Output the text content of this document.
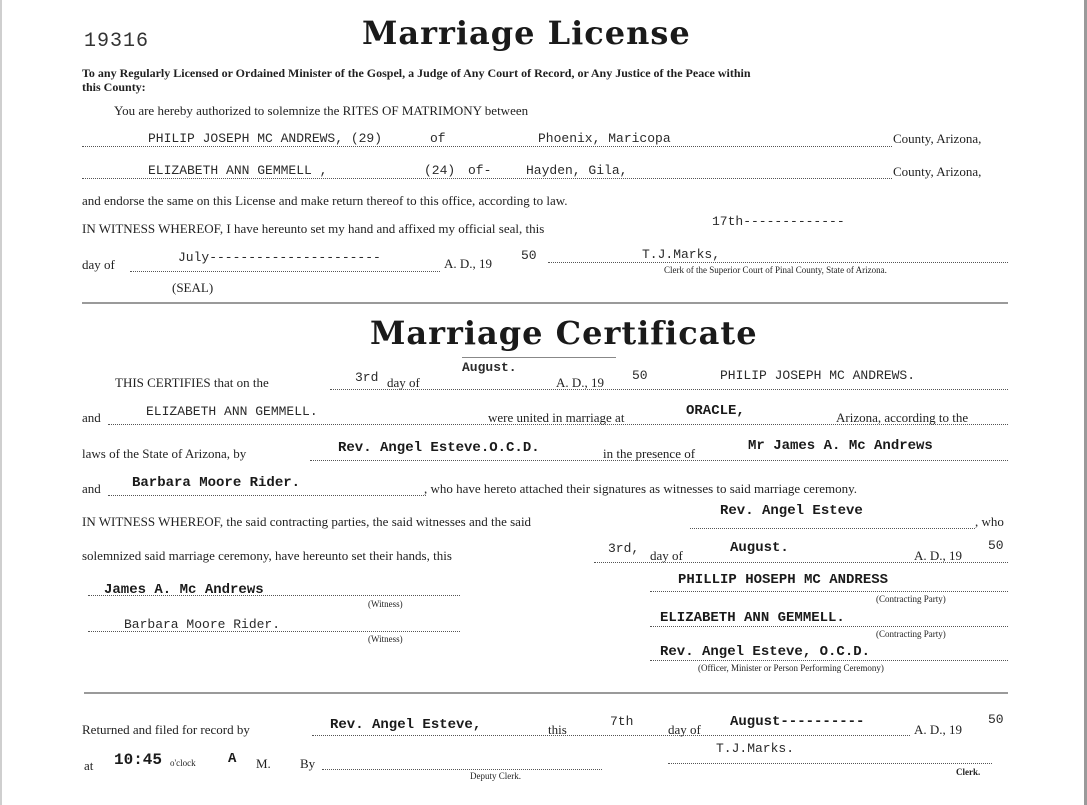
19316	Marriage License
To any Regularly Licensed or Ordained Minister of the Gospel, a Judge of Any Court of Record, or Any Justice of the Peace within
this County:
You are hereby authorized to solemnize the RITES OF MATRIMONY between
PHILIP JOSEPH MC ANDREWS, (29)	of	Phoenix, Maricopa	County, Arizona,
ELIZABETH ANN GEMMELL ,	(24) of-	Hayden, Gila,	County, Arizona,
and endorse the same on this License and make return thereof to this office, according to law.
IN WITNESS WHEREOF, I have hereunto set my hand and affixed my official seal, this	17th-------------
day of	July----------------------	A. D., 19
50	T.J.Marks,
Clerk of the Superior Court of Pinal County, State of Arizona.
(SEAL)
Marriage Certificate
THIS CERTIFIES that on the	3rd day of
August.
A. D., 19 50	PHILIP JOSEPH MC ANDREWS.
and	ELIZABETH ANN GEMMELL.	were united in marriage at	ORACLE,	Arizona, according to the
laws of the State of Arizona, by	Rev. Angel Esteve.O.C.D.	in the presence of	Mr James A. Mc Andrews
and Barbara Moore Rider.	, who have hereto attached their signatures as witnesses to said marriage ceremony.
IN WITNESS WHEREOF, the said contracting parties, the said witnesses and the said
Rev. Angel Esteve
, who
solemnized said marriage ceremony, have hereunto set their hands, this	3rd, day of	August.	A. D., 19
50
James A. Mc Andrews
(Witness)
Barbara Moore Rider.
(Witness)
PHILLIP HOSEPH MC ANDRESS
(Contracting Party)
ELIZABETH ANN GEMMELL.
(Contracting Party)
Rev. Angel Esteve, O.C.D.
(Officer, Minister or Person Performing Ceremony)
Returned and filed for record by	Rev. Angel Esteve,	this
7th
day of August----------	A. D., 19
50
at 10:45 o'clock A M. By
Deputy Clerk.
T.J.Marks.
Clerk.
